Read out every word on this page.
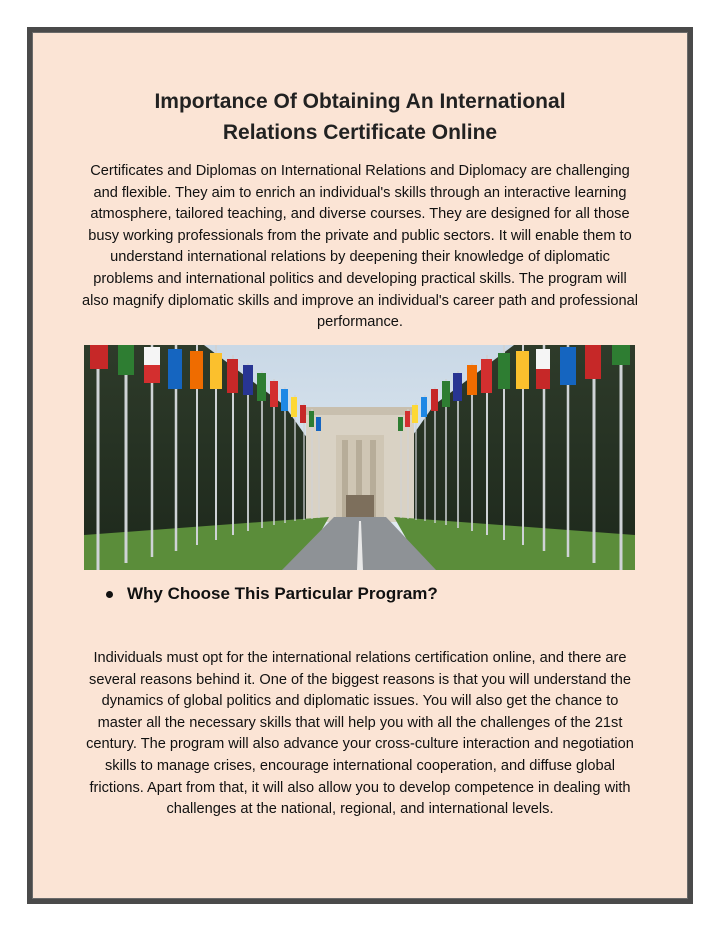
Importance Of Obtaining An International
Relations Certificate Online
Certificates and Diplomas on International Relations and Diplomacy are challenging and flexible. They aim to enrich an individual's skills through an interactive learning atmosphere, tailored teaching, and diverse courses. They are designed for all those busy working professionals from the private and public sectors. It will enable them to understand international relations by deepening their knowledge of diplomatic problems and international politics and developing practical skills. The program will also magnify diplomatic skills and improve an individual's career path and professional performance.
Why Choose This Particular Program?
Individuals must opt for the international relations certification online, and there are several reasons behind it. One of the biggest reasons is that you will understand the dynamics of global politics and diplomatic issues. You will also get the chance to master all the necessary skills that will help you with all the challenges of the 21st century. The program will also advance your cross-culture interaction and negotiation skills to manage crises, encourage international cooperation, and diffuse global frictions. Apart from that, it will also allow you to develop competence in dealing with challenges at the national, regional, and international levels.
